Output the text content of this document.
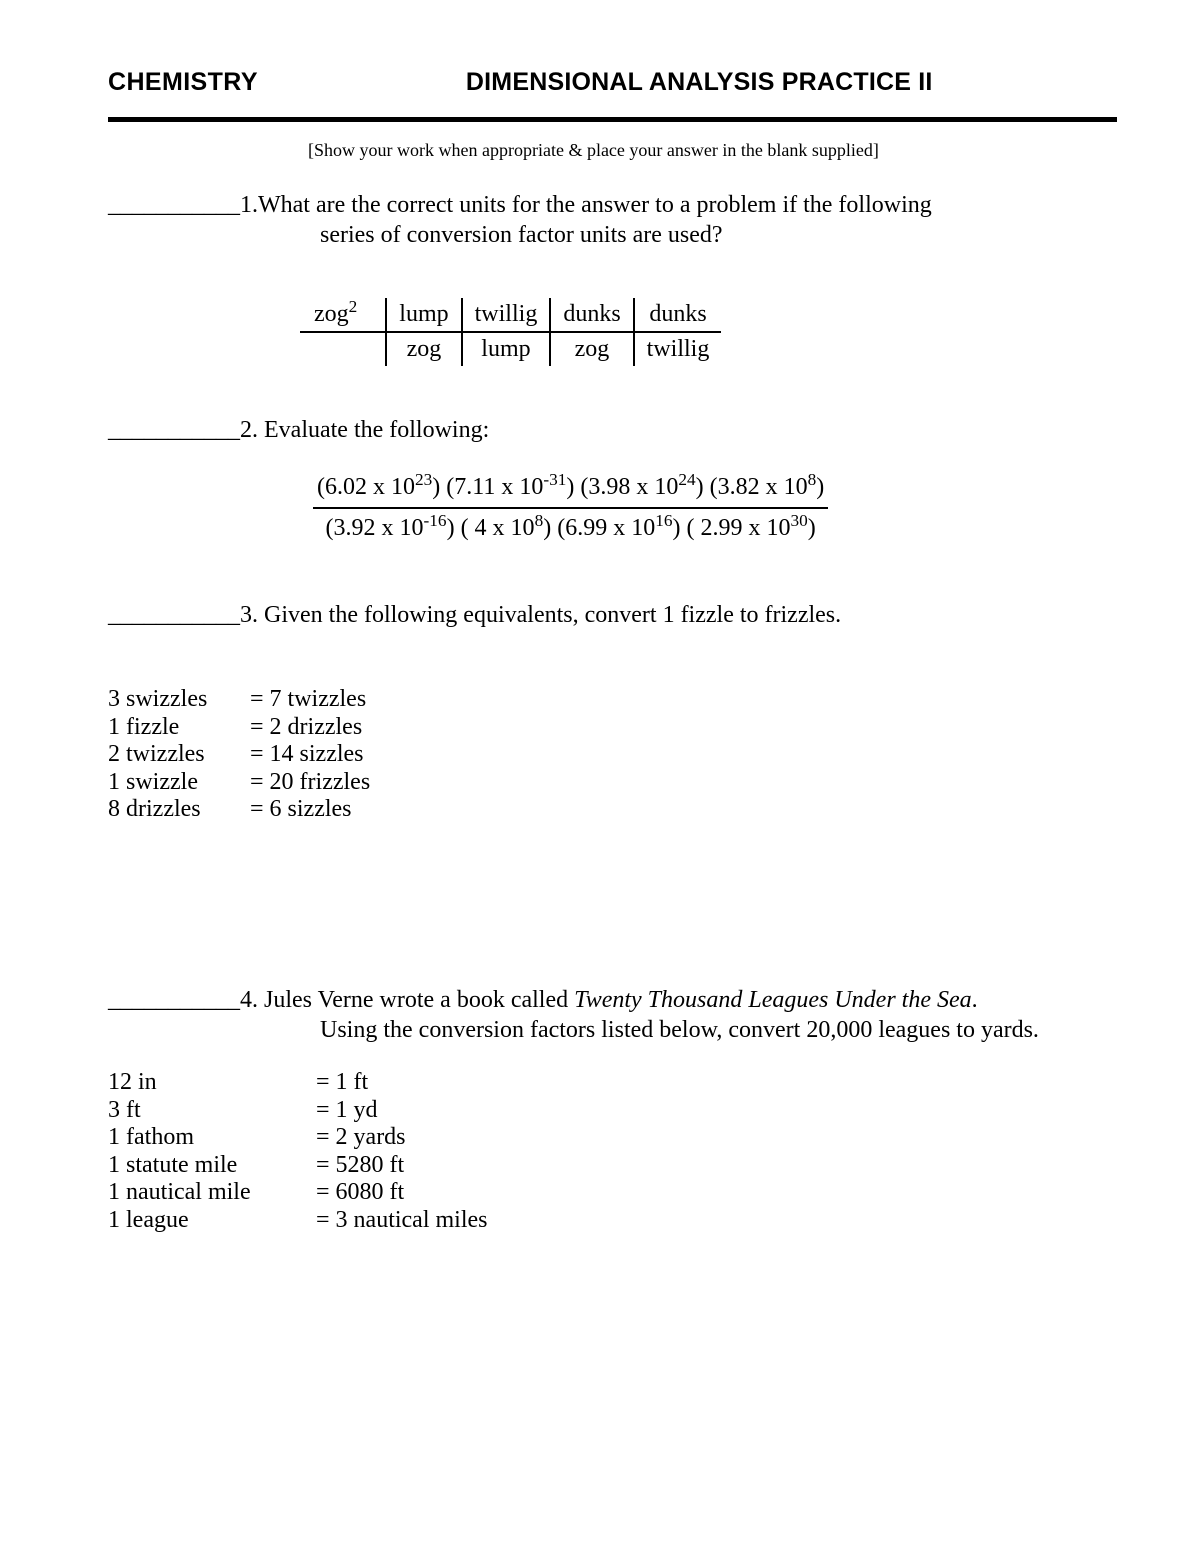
CHEMISTRY	DIMENSIONAL ANALYSIS PRACTICE II
[Show your work when appropriate & place your answer in the blank supplied]
___________1.What are the correct units for the answer to a problem if the following
series of conversion factor units are used?
zog$^2$		lump		twillig		dunks		dunks
	zog	lump	zog	twillig
___________2. Evaluate the following:
(6.02 x $10^{23}$) (7.11 x $10^{-31}$) (3.98 x $10^{24}$) (3.82 x $10^8$)
(3.92 x $10^{-16}$) ( 4 x $10^8$) (6.99 x $10^{16}$) ( 2.99 x $10^{30}$)
___________3. Given the following equivalents, convert 1 fizzle to frizzles.
3 swizzles	= 7 twizzles
1 fizzle	= 2 drizzles
2 twizzles	= 14 sizzles
1 swizzle	= 20 frizzles
8 drizzles	= 6 sizzles
___________4. Jules Verne wrote a book called Twenty Thousand Leagues Under the Sea.
Using the conversion factors listed below, convert 20,000 leagues to yards.
12 in	= 1 ft
3 ft	= 1 yd
1 fathom	= 2 yards
1 statute mile	= 5280 ft
1 nautical mile	= 6080 ft
1 league	= 3 nautical miles
